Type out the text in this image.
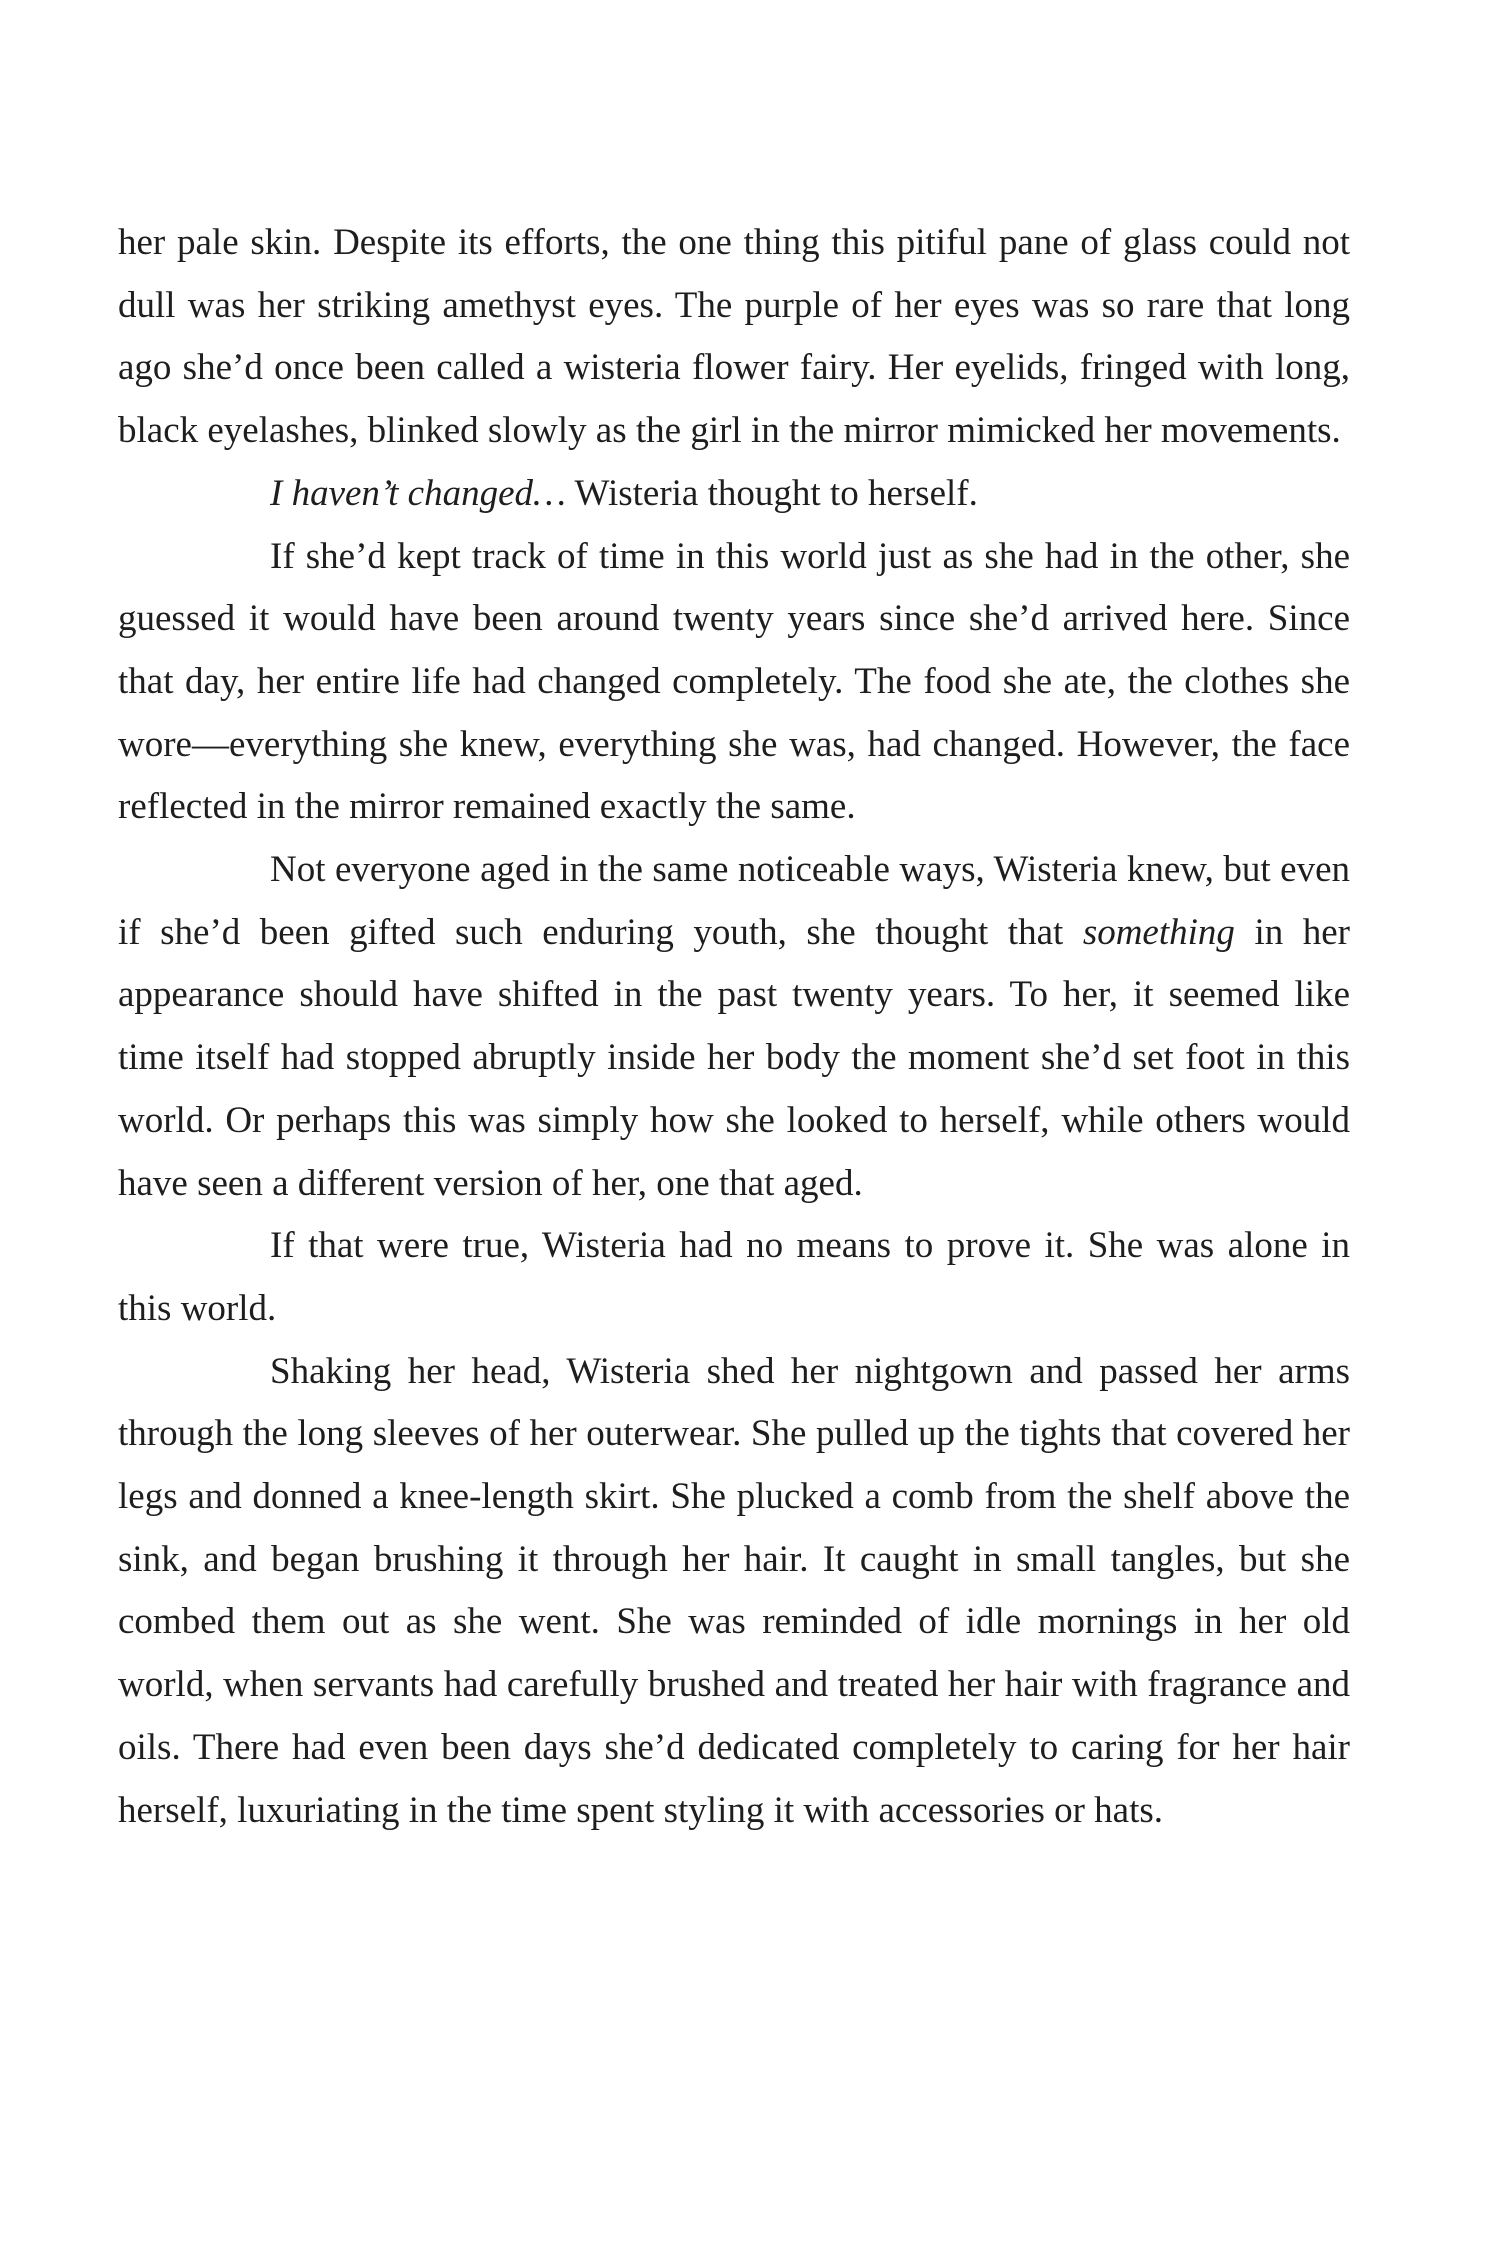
her pale skin. Despite its efforts, the one thing this pitiful pane of glass could not dull was her striking amethyst eyes. The purple of her eyes was so rare that long ago she’d once been called a wisteria flower fairy. Her eyelids, fringed with long, black eyelashes, blinked slowly as the girl in the mirror mimicked her movements.

I haven’t changed… Wisteria thought to herself.

If she’d kept track of time in this world just as she had in the other, she guessed it would have been around twenty years since she’d arrived here. Since that day, her entire life had changed completely. The food she ate, the clothes she wore—everything she knew, everything she was, had changed. However, the face reflected in the mirror remained exactly the same.

Not everyone aged in the same noticeable ways, Wisteria knew, but even if she’d been gifted such enduring youth, she thought that something in her appearance should have shifted in the past twenty years. To her, it seemed like time itself had stopped abruptly inside her body the moment she’d set foot in this world. Or perhaps this was simply how she looked to herself, while others would have seen a different version of her, one that aged.

If that were true, Wisteria had no means to prove it. She was alone in this world.

Shaking her head, Wisteria shed her nightgown and passed her arms through the long sleeves of her outerwear. She pulled up the tights that covered her legs and donned a knee-length skirt. She plucked a comb from the shelf above the sink, and began brushing it through her hair. It caught in small tangles, but she combed them out as she went. She was reminded of idle mornings in her old world, when servants had carefully brushed and treated her hair with fragrance and oils. There had even been days she’d dedicated completely to caring for her hair herself, luxuriating in the time spent styling it with accessories or hats.
